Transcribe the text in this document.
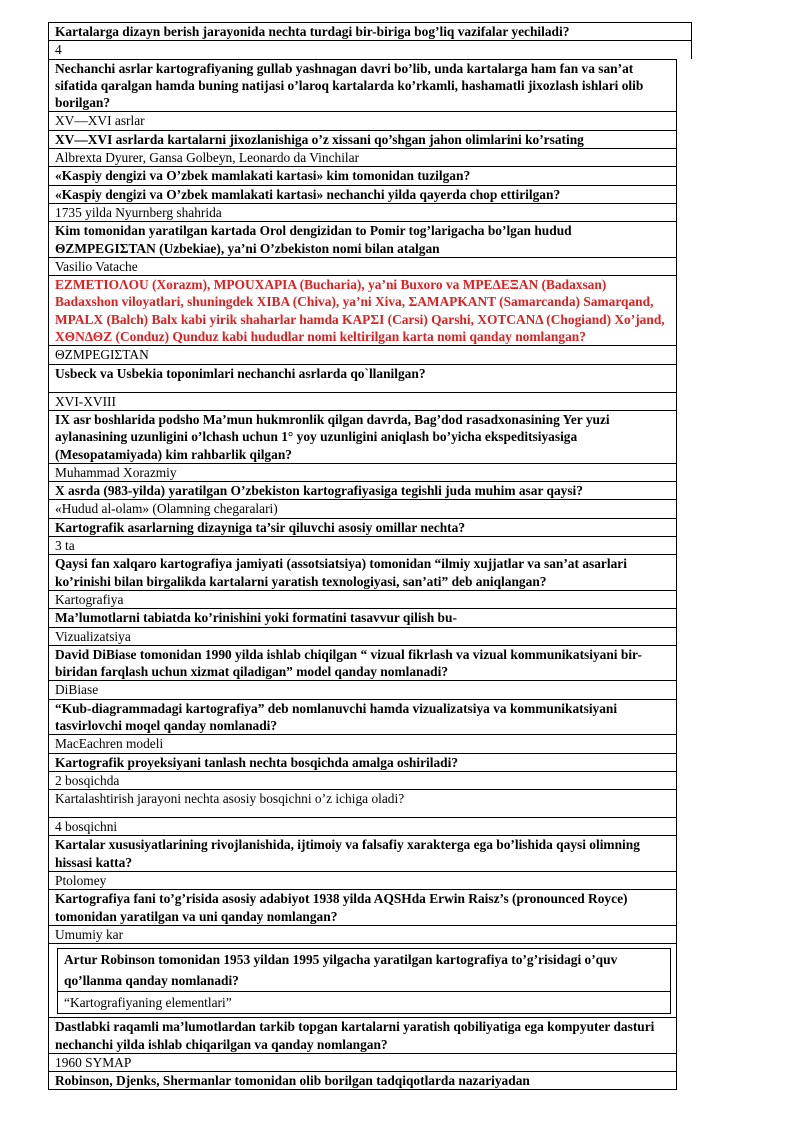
Kartalarga dizayn berish jarayonida nechta turdagi bir-biriga bog’liq vazifalar yechiladi?
4
Nechanchi asrlar kartografiyaning gullab yashnagan davri bo’lib, unda kartalarga ham fan va san’at sifatida qaralgan hamda buning natijasi o’laroq kartalarda ko’rkamli, hashamatli jixozlash ishlari olib borilgan?
XV—XVI asrlar
XV—XVI asrlarda kartalarni jixozlanishiga o’z xissani qo’shgan jahon olimlarini ko’rsating
Albrexta Dyurer, Gansa Golbeyn, Leonardo da Vinchilar
«Kaspiy dengizi va O’zbek mamlakati kartasi» kim tomonidan tuzilgan?
«Kaspiy dengizi va O’zbek mamlakati kartasi» nechanchi yilda qayerda chop ettirilgan?
1735 yilda Nyurnberg shahrida
Kim tomonidan yaratilgan kartada Orol dengizidan to Pomir tog’larigacha bo’lgan hudud ΘZMPEGIΣTAN (Uzbekiae), ya’ni O’zbekiston nomi bilan atalgan
Vasilio Vatache
EZMETIOΛOU (Xorazm), MPOUXAPIA (Bucharia), ya’ni Buxoro va MPEΔEΞAN (Badaxsan) Badaxshon viloyatlari, shuningdek XIBA (Chiva), ya’ni Xiva, ΣAMAPKANT (Samarcanda) Samarqand, MPALX (Balch) Balx kabi yirik shaharlar hamda KAPΣI (Carsi) Qarshi, XOTCANΔ (Chogiand) Xo’jand, XΘNΔΘZ (Conduz) Qunduz kabi hududlar nomi keltirilgan karta nomi qanday nomlangan?
ΘZMPEGIΣTAN
Usbeck va Usbekia toponimlari nechanchi asrlarda qo`llanilgan?
XVI-XVIII
IX asr boshlarida podsho Ma’mun hukmronlik qilgan davrda, Bag’dod rasadxonasining Yer yuzi aylanasining uzunligini o’lchash uchun 1° yoy uzunligini aniqlash bo’yicha ekspeditsiyasiga (Mesopatamiyada) kim rahbarlik qilgan?
Muhammad Xorazmiy
X asrda (983-yilda) yaratilgan O’zbekiston kartografiyasiga tegishli juda muhim asar qaysi?
«Hudud al-olam» (Olamning chegaralari)
Kartografik asarlarning dizayniga ta’sir qiluvchi asosiy omillar nechta?
3 ta
Qaysi fan xalqaro kartografiya jamiyati (assotsiatsiya) tomonidan “ilmiy xujjatlar va san’at asarlari ko’rinishi bilan birgalikda kartalarni yaratish texnologiyasi, san’ati” deb aniqlangan?
Kartografiya
Ma’lumotlarni tabiatda ko’rinishini yoki formatini tasavvur qilish bu-
Vizualizatsiya
David DiBiase tomonidan 1990 yilda ishlab chiqilgan “ vizual fikrlash va vizual kommunikatsiyani bir-biridan farqlash uchun xizmat qiladigan” model qanday nomlanadi?
DiBiase
“Kub-diagrammadagi kartografiya” deb nomlanuvchi hamda vizualizatsiya va kommunikatsiyani tasvirlovchi moqel qanday nomlanadi?
MacEachren modeli
Kartografik proyeksiyani tanlash nechta bosqichda amalga oshiriladi?
2 bosqichda
Kartalashtirish jarayoni nechta asosiy bosqichni o’z ichiga oladi?
4 bosqichni
Kartalar xususiyatlarining rivojlanishida, ijtimoiy va falsafiy xarakterga ega bo’lishida qaysi olimning hissasi katta?
Ptolomey
Kartografiya fani to’g’risida asosiy adabiyot 1938 yilda AQSHda Erwin Raisz’s (pronounced Royce) tomonidan yaratilgan va uni qanday nomlangan?
Umumiy kar
Artur Robinson tomonidan 1953 yildan 1995 yilgacha yaratilgan kartografiya to’g’risidagi o’quv qo’llanma qanday nomlanadi?
“Kartografiyaning elementlari”
Dastlabki raqamli ma’lumotlardan tarkib topgan kartalarni yaratish qobiliyatiga ega kompyuter dasturi nechanchi yilda ishlab chiqarilgan va qanday nomlangan?
1960 SYMAP
Robinson, Djenks, Shermanlar tomonidan olib borilgan tadqiqotlarda nazariyadan
